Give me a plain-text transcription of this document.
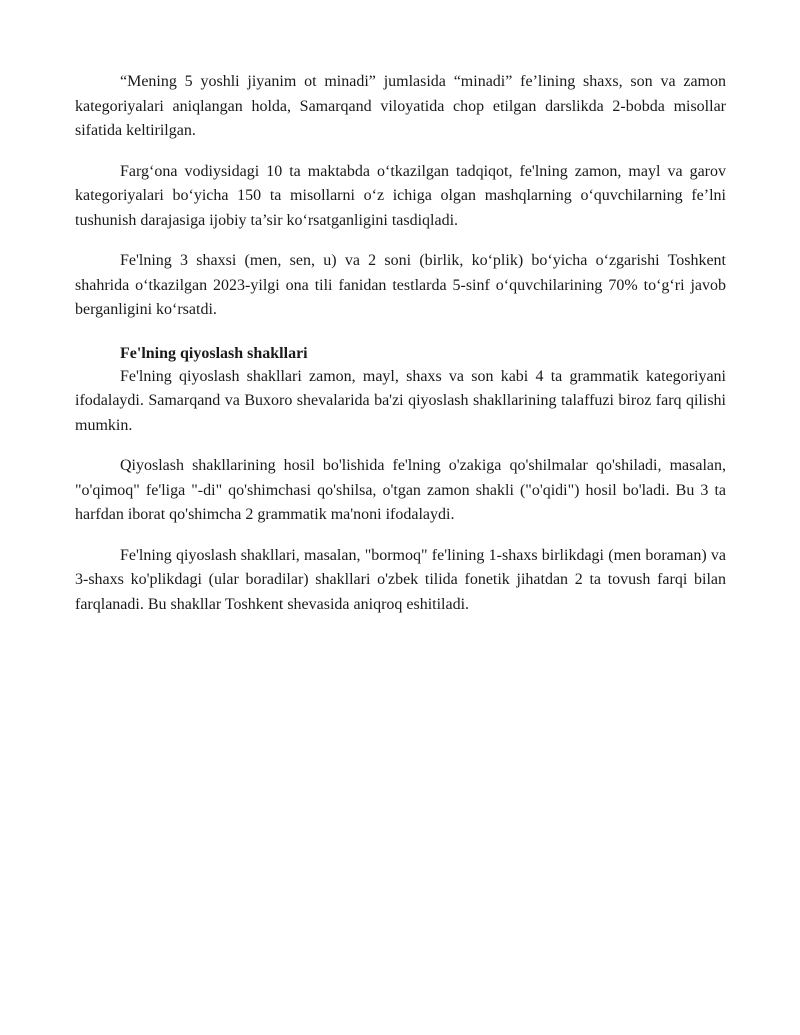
“Mening 5 yoshli jiyanim ot minadi” jumlasida “minadi” fe’lining shaxs, son va zamon kategoriyalari aniqlangan holda, Samarqand viloyatida chop etilgan darslikda 2-bobda misollar sifatida keltirilgan.

Farg‘ona vodiysidagi 10 ta maktabda o‘tkazilgan tadqiqot, fe'lning zamon, mayl va garov kategoriyalari bo‘yicha 150 ta misollarni o‘z ichiga olgan mashqlarning o‘quvchilarning fe’lni tushunish darajasiga ijobiy ta’sir ko‘rsatganligini tasdiqladi.

Fe'lning 3 shaxsi (men, sen, u) va 2 soni (birlik, ko‘plik) bo‘yicha o‘zgarishi Toshkent shahrida o‘tkazilgan 2023-yilgi ona tili fanidan testlarda 5-sinf o‘quvchilarining 70% to‘g‘ri javob berganligini ko‘rsatdi.

Fe'lning qiyoslash shakllari

Fe'lning qiyoslash shakllari zamon, mayl, shaxs va son kabi 4 ta grammatik kategoriyani ifodalaydi. Samarqand va Buxoro shevalarida ba'zi qiyoslash shakllarining talaffuzi biroz farq qilishi mumkin.

Qiyoslash shakllarining hosil bo'lishida fe'lning o'zakiga qo'shilmalar qo'shiladi, masalan, "o'qimoq" fe'liga "-di" qo'shimchasi qo'shilsa, o'tgan zamon shakli ("o'qidi") hosil bo'ladi. Bu 3 ta harfdan iborat qo'shimcha 2 grammatik ma'noni ifodalaydi.

Fe'lning qiyoslash shakllari, masalan, "bormoq" fe'lining 1-shaxs birlikdagi (men boraman) va 3-shaxs ko'plikdagi (ular boradilar) shakllari o'zbek tilida fonetik jihatdan 2 ta tovush farqi bilan farqlanadi. Bu shakllar Toshkent shevasida aniqroq eshitiladi.
